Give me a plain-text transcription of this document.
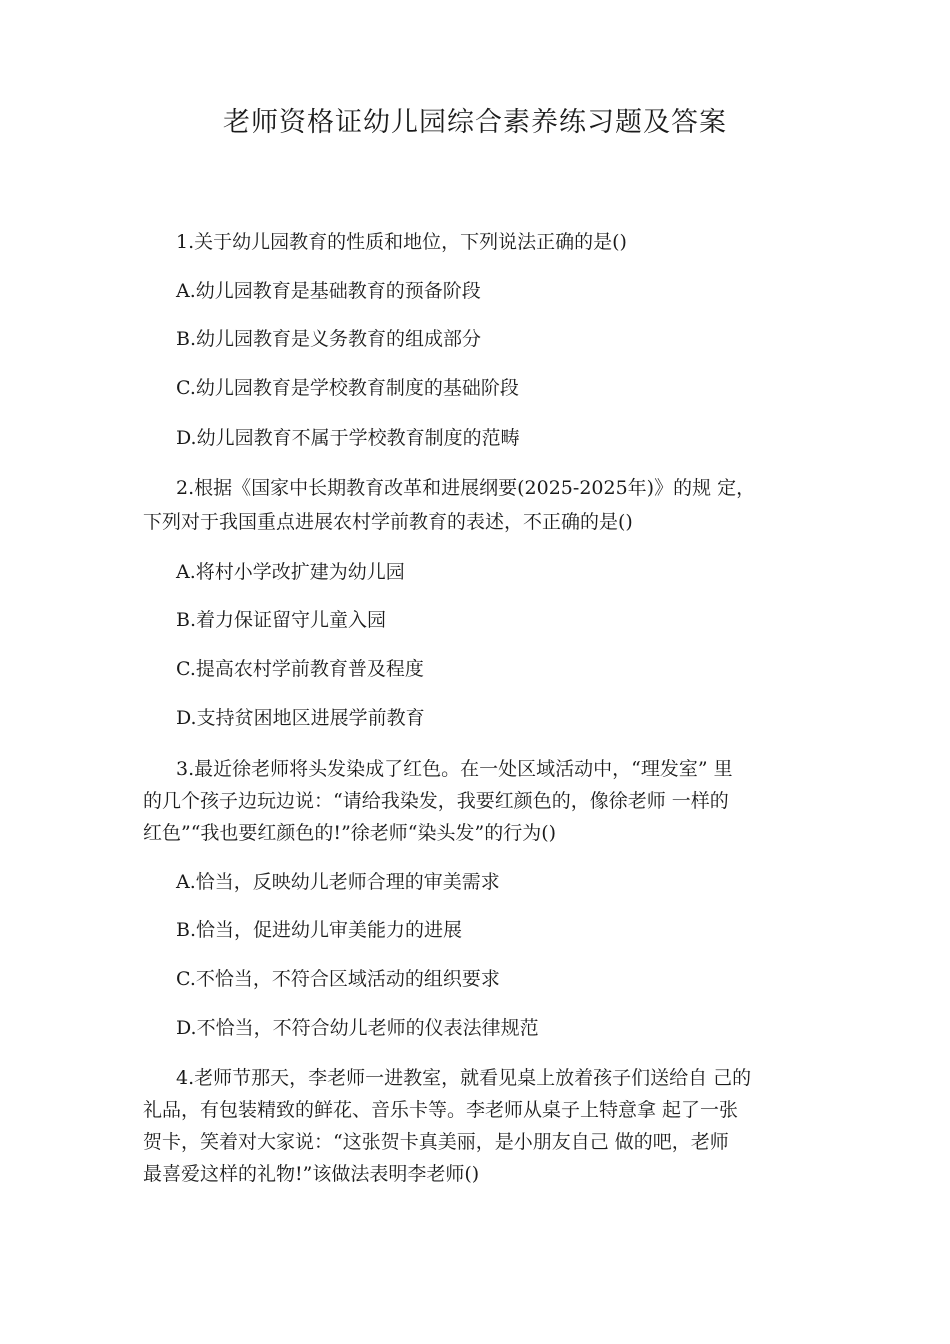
老师资格证幼儿园综合素养练习题及答案
1.关于幼儿园教育的性质和地位，下列说法正确的是()
A.幼儿园教育是基础教育的预备阶段
B.幼儿园教育是义务教育的组成部分
C.幼儿园教育是学校教育制度的基础阶段
D.幼儿园教育不属于学校教育制度的范畴
2.根据《国家中长期教育改革和进展纲要(2025-2025年)》的规 定，
下列对于我国重点进展农村学前教育的表述，不正确的是()
A.将村小学改扩建为幼儿园
B.着力保证留守儿童入园
C.提高农村学前教育普及程度
D.支持贫困地区进展学前教育
3.最近徐老师将头发染成了红色。在一处区域活动中，“理发室” 里
的几个孩子边玩边说：“请给我染发，我要红颜色的，像徐老师 一样的
红色”“我也要红颜色的!”徐老师“染头发”的行为()
A.恰当，反映幼儿老师合理的审美需求
B.恰当，促进幼儿审美能力的进展
C.不恰当，不符合区域活动的组织要求
D.不恰当，不符合幼儿老师的仪表法律规范
4.老师节那天，李老师一进教室，就看见桌上放着孩子们送给自 己的
礼品，有包装精致的鲜花、音乐卡等。李老师从桌子上特意拿 起了一张
贺卡，笑着对大家说：“这张贺卡真美丽，是小朋友自己 做的吧，老师
最喜爱这样的礼物!”该做法表明李老师()
